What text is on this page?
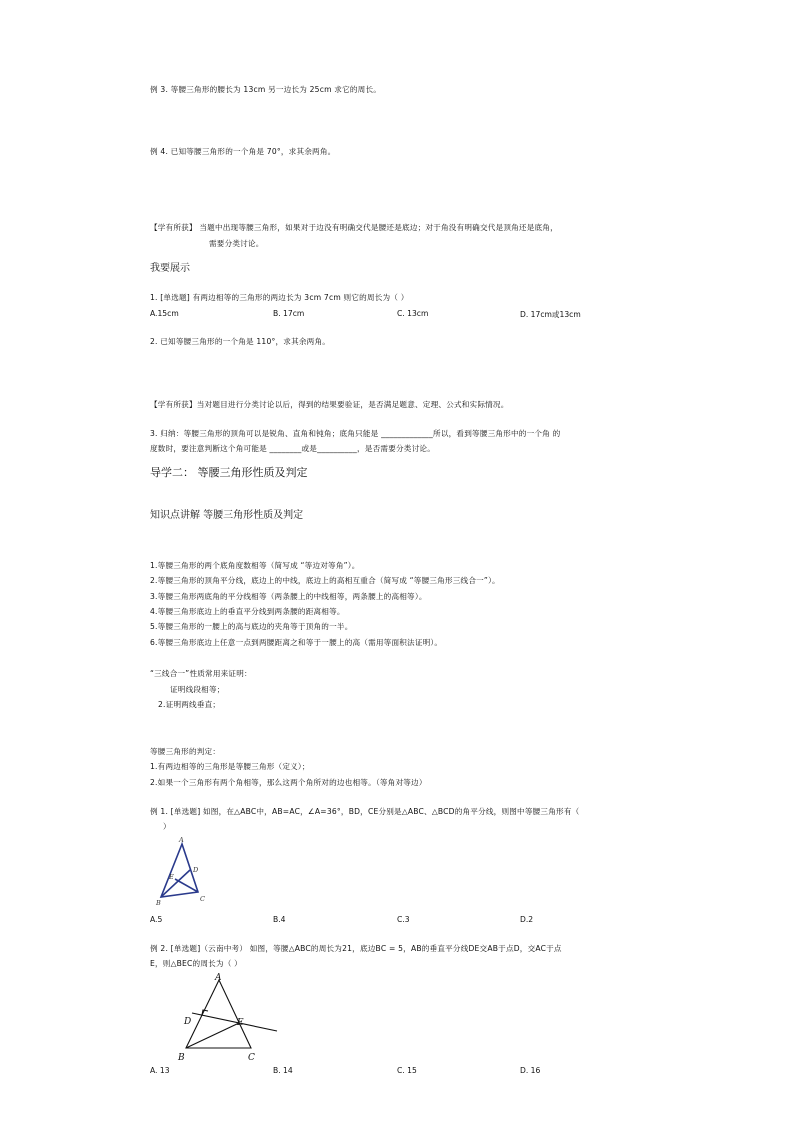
例 3. 等腰三角形的腰长为 13cm 另一边长为 25cm 求它的周长。
例 4. 已知等腰三角形的一个角是 70°，求其余两角。
【学有所获】 当题中出现等腰三角形，如果对于边没有明确交代是腰还是底边；对于角没有明确交代是顶角还是底角，
需要分类讨论。
我要展示
1. [单选题] 有两边相等的三角形的两边长为 3cm 7cm 则它的周长为（ ）
A.15cm	B. 17cm	C. 13cm	D. 17cm或13cm
2. 已知等腰三角形的一个角是 110°，求其余两角。
【学有所获】当对题目进行分类讨论以后，得到的结果要验证，是否满足题意、定理、公式和实际情况。
3. 归纳：等腰三角形的顶角可以是锐角、直角和钝角；底角只能是 _____________所以，看到等腰三角形中的一个角 的
度数时，要注意判断这个角可能是 ________或是__________，是否需要分类讨论。
导学二： 等腰三角形性质及判定
知识点讲解 等腰三角形性质及判定
1.等腰三角形的两个底角度数相等（简写成 “等边对等角”）。
2.等腰三角形的顶角平分线，底边上的中线，底边上的高相互重合（简写成 “等腰三角形三线合一”）。
3.等腰三角形两底角的平分线相等（两条腰上的中线相等，两条腰上的高相等）。
4.等腰三角形底边上的垂直平分线到两条腰的距离相等。
5.等腰三角形的一腰上的高与底边的夹角等于顶角的一半。
6.等腰三角形底边上任意一点到两腰距离之和等于一腰上的高（需用等面积法证明）。
“三线合一”性质常用来证明：
证明线段相等；
2.证明两线垂直；
等腰三角形的判定：
1.有两边相等的三角形是等腰三角形（定义）；
2.如果一个三角形有两个角相等，那么这两个角所对的边也相等。（等角对等边）
例 1. [单选题] 如图，在△ABC中，AB=AC，∠A=36°，BD，CE分别是△ABC、△BCD的角平分线，则图中等腰三角形有（
）
A
B	C
D
E
A.5	B.4	C.3	D.2
例 2. [单选题]（云南中考） 如图，等腰△ABC的周长为21，底边BC = 5，AB的垂直平分线DE交AB于点D，交AC于点
E，则△BEC的周长为（ ）
A
B	C
D	E
A. 13	B. 14	C. 15	D. 16
